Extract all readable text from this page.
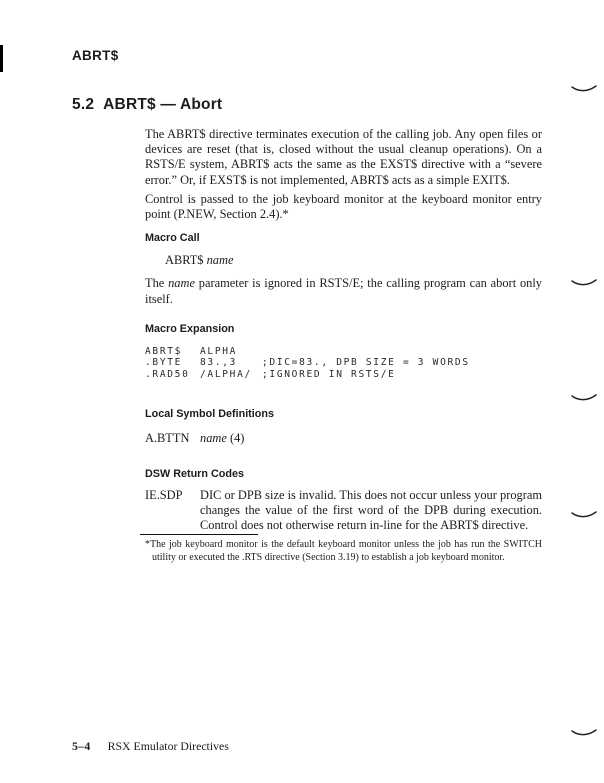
ABRT$
5.2 ABRT$ — Abort

The ABRT$ directive terminates execution of the calling job. Any open files or devices are reset (that is, closed without the usual cleanup operations). On a RSTS/E system, ABRT$ acts the same as the EXST$ directive with a “severe error.” Or, if EXST$ is not implemented, ABRT$ acts as a simple EXIT$.

Control is passed to the job keyboard monitor at the keyboard monitor entry point (P.NEW, Section 2.4).*

Macro Call
ABRT$ name

The name parameter is ignored in RSTS/E; the calling program can abort only itself.

Macro Expansion
ABRT$ ALPHA
.BYTE 83.,3	;DIC=83., DPB SIZE = 3 WORDS
.RAD50 /ALPHA/ ;IGNORED IN RSTS/E
Local Symbol Definitions
A.BTTN name (4)
DSW Return Codes
IE.SDP	DIC or DPB size is invalid. This does not occur unless your program changes the value of the first word of the DPB during execution. Control does not otherwise return in-line for the ABRT$ directive.
*The job keyboard monitor is the default keyboard monitor unless the job has run the SWITCH utility or executed the .RTS directive (Section 3.19) to establish a job keyboard monitor.
5–4 RSX Emulator Directives
